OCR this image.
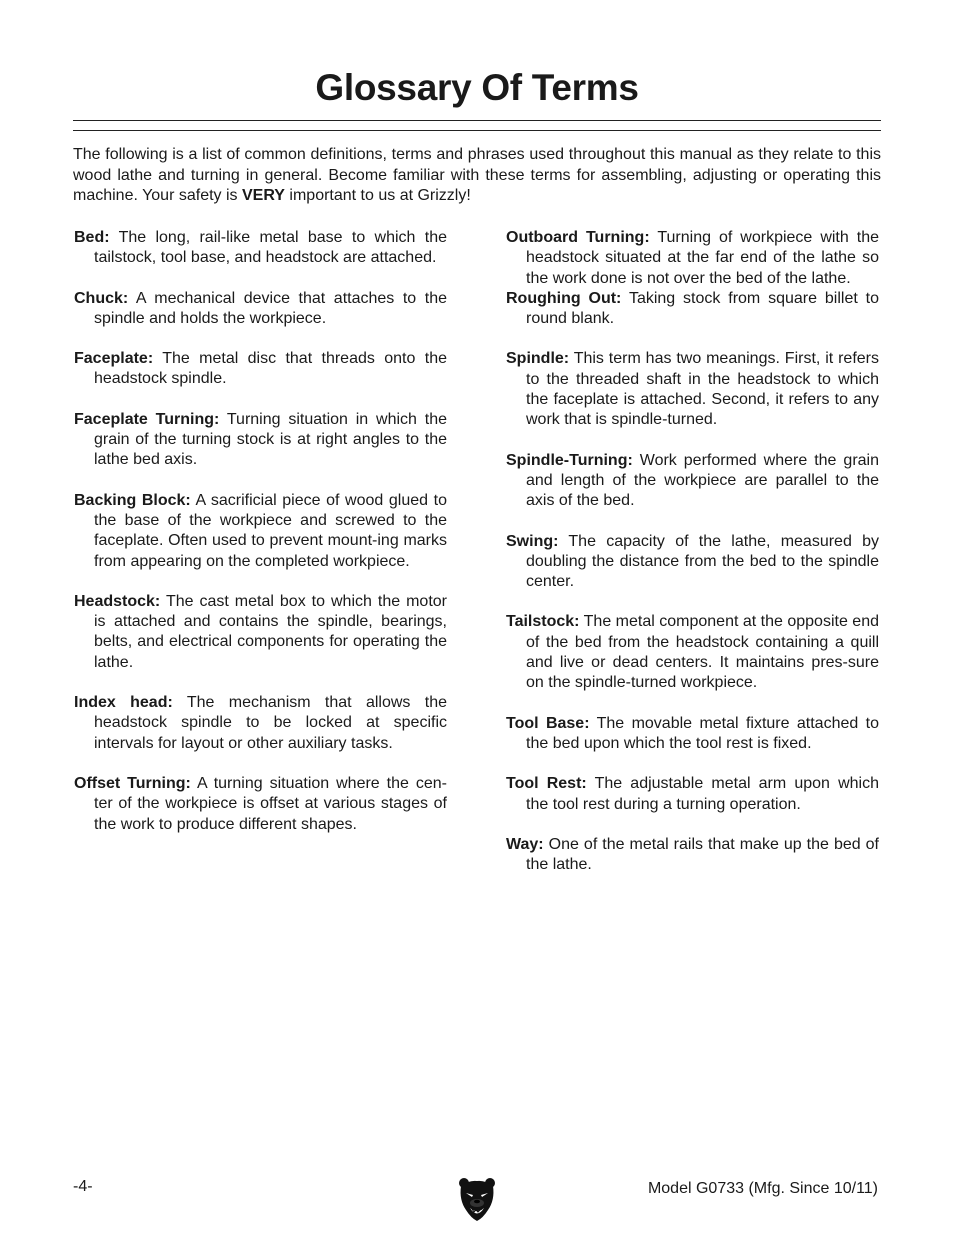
Glossary Of Terms

The following is a list of common definitions, terms and phrases used throughout this manual as they relate to this wood lathe and turning in general. Become familiar with these terms for assembling, adjusting or operating this machine. Your safety is VERY important to us at Grizzly!

Bed: The long, rail-like metal base to which the tailstock, tool base, and headstock are attached.

Chuck: A mechanical device that attaches to the spindle and holds the workpiece.

Faceplate: The metal disc that threads onto the headstock spindle.

Faceplate Turning: Turning situation in which the grain of the turning stock is at right angles to the lathe bed axis.

Backing Block: A sacrificial piece of wood glued to the base of the workpiece and screwed to the faceplate. Often used to prevent mount-ing marks from appearing on the completed workpiece.

Headstock: The cast metal box to which the motor is attached and contains the spindle, bearings, belts, and electrical components for operating the lathe.

Index head: The mechanism that allows the headstock spindle to be locked at specific intervals for layout or other auxiliary tasks.

Offset Turning: A turning situation where the cen-ter of the workpiece is offset at various stages of the work to produce different shapes.

Outboard Turning: Turning of workpiece with the headstock situated at the far end of the lathe so the work done is not over the bed of the lathe.

Roughing Out: Taking stock from square billet to round blank.

Spindle: This term has two meanings. First, it refers to the threaded shaft in the headstock to which the faceplate is attached. Second, it refers to any work that is spindle-turned.

Spindle-Turning: Work performed where the grain and length of the workpiece are parallel to the axis of the bed.

Swing: The capacity of the lathe, measured by doubling the distance from the bed to the spindle center.

Tailstock: The metal component at the opposite end of the bed from the headstock containing a quill and live or dead centers. It maintains pres-sure on the spindle-turned workpiece.

Tool Base: The movable metal fixture attached to the bed upon which the tool rest is fixed.

Tool Rest: The adjustable metal arm upon which the tool rest during a turning operation.

Way: One of the metal rails that make up the bed of the lathe.

-4-	Model G0733 (Mfg. Since 10/11)
